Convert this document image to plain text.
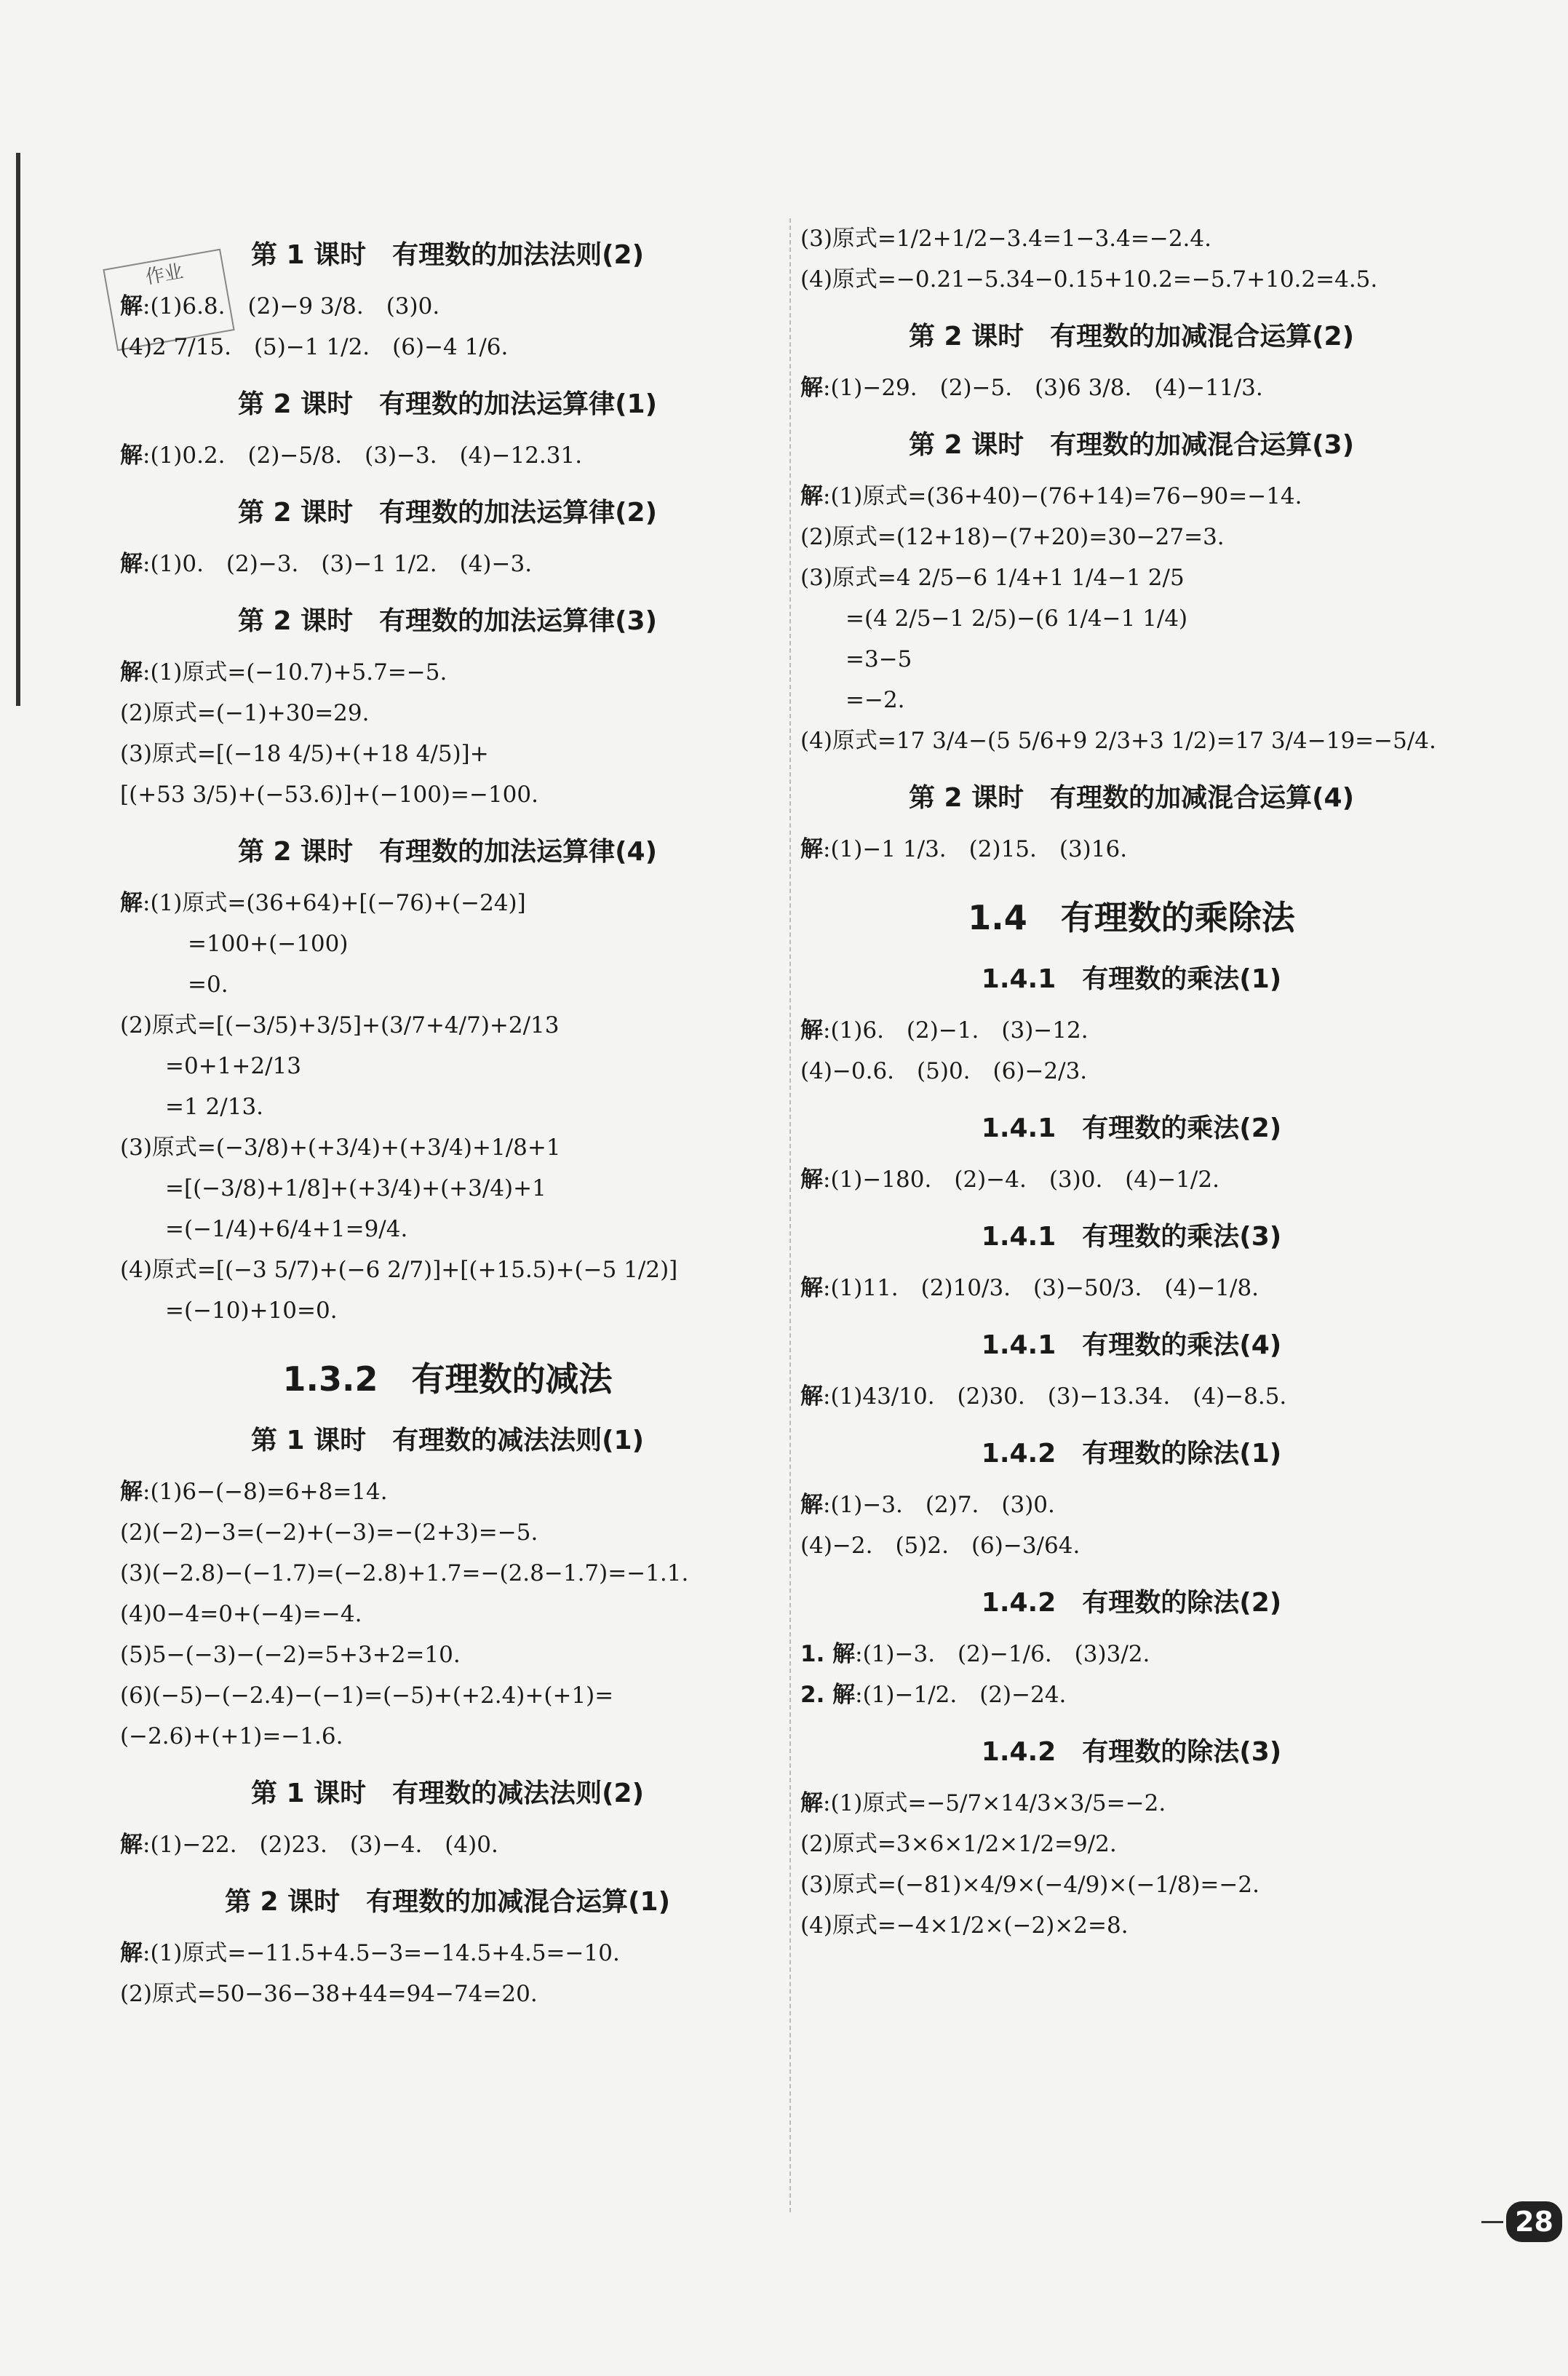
作业
第 1 课时　有理数的加法法则(2)
解:(1)6.8.　(2)−9 3/8.　(3)0.
(4)2 7/15.　(5)−1 1/2.　(6)−4 1/6.
第 2 课时　有理数的加法运算律(1)
解:(1)0.2.　(2)−5/8.　(3)−3.　(4)−12.31.
第 2 课时　有理数的加法运算律(2)
解:(1)0.　(2)−3.　(3)−1 1/2.　(4)−3.
第 2 课时　有理数的加法运算律(3)
解:(1)原式=(−10.7)+5.7=−5.
(2)原式=(−1)+30=29.
(3)原式=[(−18 4/5)+(+18 4/5)]+
[(+53 3/5)+(−53.6)]+(−100)=−100.
第 2 课时　有理数的加法运算律(4)
解:(1)原式=(36+64)+[(−76)+(−24)]
　　　=100+(−100)
　　　=0.
(2)原式=[(−3/5)+3/5]+(3/7+4/7)+2/13
　　=0+1+2/13
　　=1 2/13.
(3)原式=(−3/8)+(+3/4)+(+3/4)+1/8+1
　　=[(−3/8)+1/8]+(+3/4)+(+3/4)+1
　　=(−1/4)+6/4+1=9/4.
(4)原式=[(−3 5/7)+(−6 2/7)]+[(+15.5)+(−5 1/2)]
　　=(−10)+10=0.
1.3.2　有理数的减法
第 1 课时　有理数的减法法则(1)
解:(1)6−(−8)=6+8=14.
(2)(−2)−3=(−2)+(−3)=−(2+3)=−5.
(3)(−2.8)−(−1.7)=(−2.8)+1.7=−(2.8−1.7)=−1.1.
(4)0−4=0+(−4)=−4.
(5)5−(−3)−(−2)=5+3+2=10.
(6)(−5)−(−2.4)−(−1)=(−5)+(+2.4)+(+1)=
(−2.6)+(+1)=−1.6.
第 1 课时　有理数的减法法则(2)
解:(1)−22.　(2)23.　(3)−4.　(4)0.
第 2 课时　有理数的加减混合运算(1)
解:(1)原式=−11.5+4.5−3=−14.5+4.5=−10.
(2)原式=50−36−38+44=94−74=20.
(3)原式=1/2+1/2−3.4=1−3.4=−2.4.
(4)原式=−0.21−5.34−0.15+10.2=−5.7+10.2=4.5.
第 2 课时　有理数的加减混合运算(2)
解:(1)−29.　(2)−5.　(3)6 3/8.　(4)−11/3.
第 2 课时　有理数的加减混合运算(3)
解:(1)原式=(36+40)−(76+14)=76−90=−14.
(2)原式=(12+18)−(7+20)=30−27=3.
(3)原式=4 2/5−6 1/4+1 1/4−1 2/5
　　=(4 2/5−1 2/5)−(6 1/4−1 1/4)
　　=3−5
　　=−2.
(4)原式=17 3/4−(5 5/6+9 2/3+3 1/2)=17 3/4−19=−5/4.
第 2 课时　有理数的加减混合运算(4)
解:(1)−1 1/3.　(2)15.　(3)16.
1.4　有理数的乘除法
1.4.1　有理数的乘法(1)
解:(1)6.　(2)−1.　(3)−12.
(4)−0.6.　(5)0.　(6)−2/3.
1.4.1　有理数的乘法(2)
解:(1)−180.　(2)−4.　(3)0.　(4)−1/2.
1.4.1　有理数的乘法(3)
解:(1)11.　(2)10/3.　(3)−50/3.　(4)−1/8.
1.4.1　有理数的乘法(4)
解:(1)43/10.　(2)30.　(3)−13.34.　(4)−8.5.
1.4.2　有理数的除法(1)
解:(1)−3.　(2)7.　(3)0.
(4)−2.　(5)2.　(6)−3/64.
1.4.2　有理数的除法(2)
1. 解:(1)−3.　(2)−1/6.　(3)3/2.
2. 解:(1)−1/2.　(2)−24.
1.4.2　有理数的除法(3)
解:(1)原式=−5/7×14/3×3/5=−2.
(2)原式=3×6×1/2×1/2=9/2.
(3)原式=(−81)×4/9×(−4/9)×(−1/8)=−2.
(4)原式=−4×1/2×(−2)×2=8.
28
